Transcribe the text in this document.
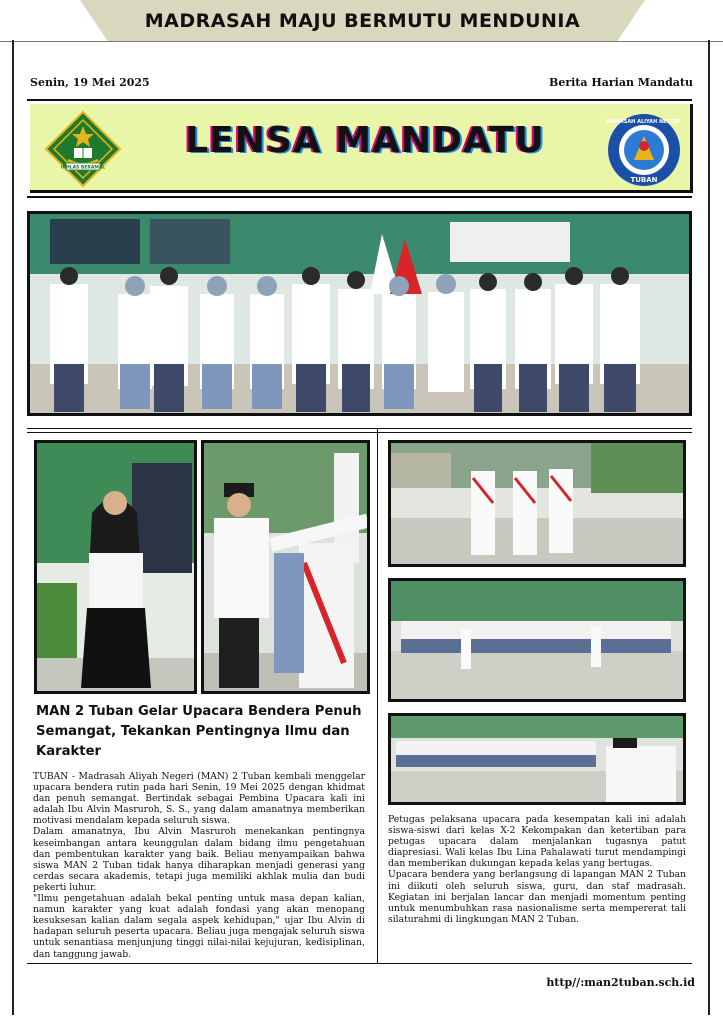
MADRASAH MAJU BERMUTU MENDUNIA
Senin, 19 Mei 2025	Berita Harian Mandatu
IKHLAS BERAMAL
LENSA MANDATU	MADRASAH ALIYAH NEGERI 2
TUBAN
MAN 2 Tuban Gelar Upacara Bendera Penuh Semangat, Tekankan Pentingnya Ilmu dan Karakter

TUBAN - Madrasah Aliyah Negeri (MAN) 2 Tuban kembali menggelar upacara bendera rutin pada hari Senin, 19 Mei 2025 dengan khidmat dan penuh semangat. Bertindak sebagai Pembina Upacara kali ini adalah Ibu Alvin Masruroh, S. S., yang dalam amanatnya memberikan motivasi mendalam kepada seluruh siswa.

Dalam amanatnya, Ibu Alvin Masruroh menekankan pentingnya keseimbangan antara keunggulan dalam bidang ilmu pengetahuan dan pembentukan karakter yang baik. Beliau menyampaikan bahwa siswa MAN 2 Tuban tidak hanya diharapkan menjadi generasi yang cerdas secara akademis, tetapi juga memiliki akhlak mulia dan budi pekerti luhur.

"Ilmu pengetahuan adalah bekal penting untuk masa depan kalian, namun karakter yang kuat adalah fondasi yang akan menopang kesuksesan kalian dalam segala aspek kehidupan," ujar Ibu Alvin di hadapan seluruh peserta upacara. Beliau juga mengajak seluruh siswa untuk senantiasa menjunjung tinggi nilai-nilai kejujuran, kedisiplinan, dan tanggung jawab.

Petugas pelaksana upacara pada kesempatan kali ini adalah siswa-siswi dari kelas X-2 Kekompakan dan ketertiban para petugas upacara dalam menjalankan tugasnya patut diapresiasi. Wali kelas Ibu Lina Pahalawati turut mendampingi dan memberikan dukungan kepada kelas yang bertugas.

Upacara bendera yang berlangsung di lapangan MAN 2 Tuban ini diikuti oleh seluruh siswa, guru, dan staf madrasah. Kegiatan ini berjalan lancar dan menjadi momentum penting untuk menumbuhkan rasa nasionalisme serta mempererat tali silaturahmi di lingkungan MAN 2 Tuban.

http//:man2tuban.sch.id
